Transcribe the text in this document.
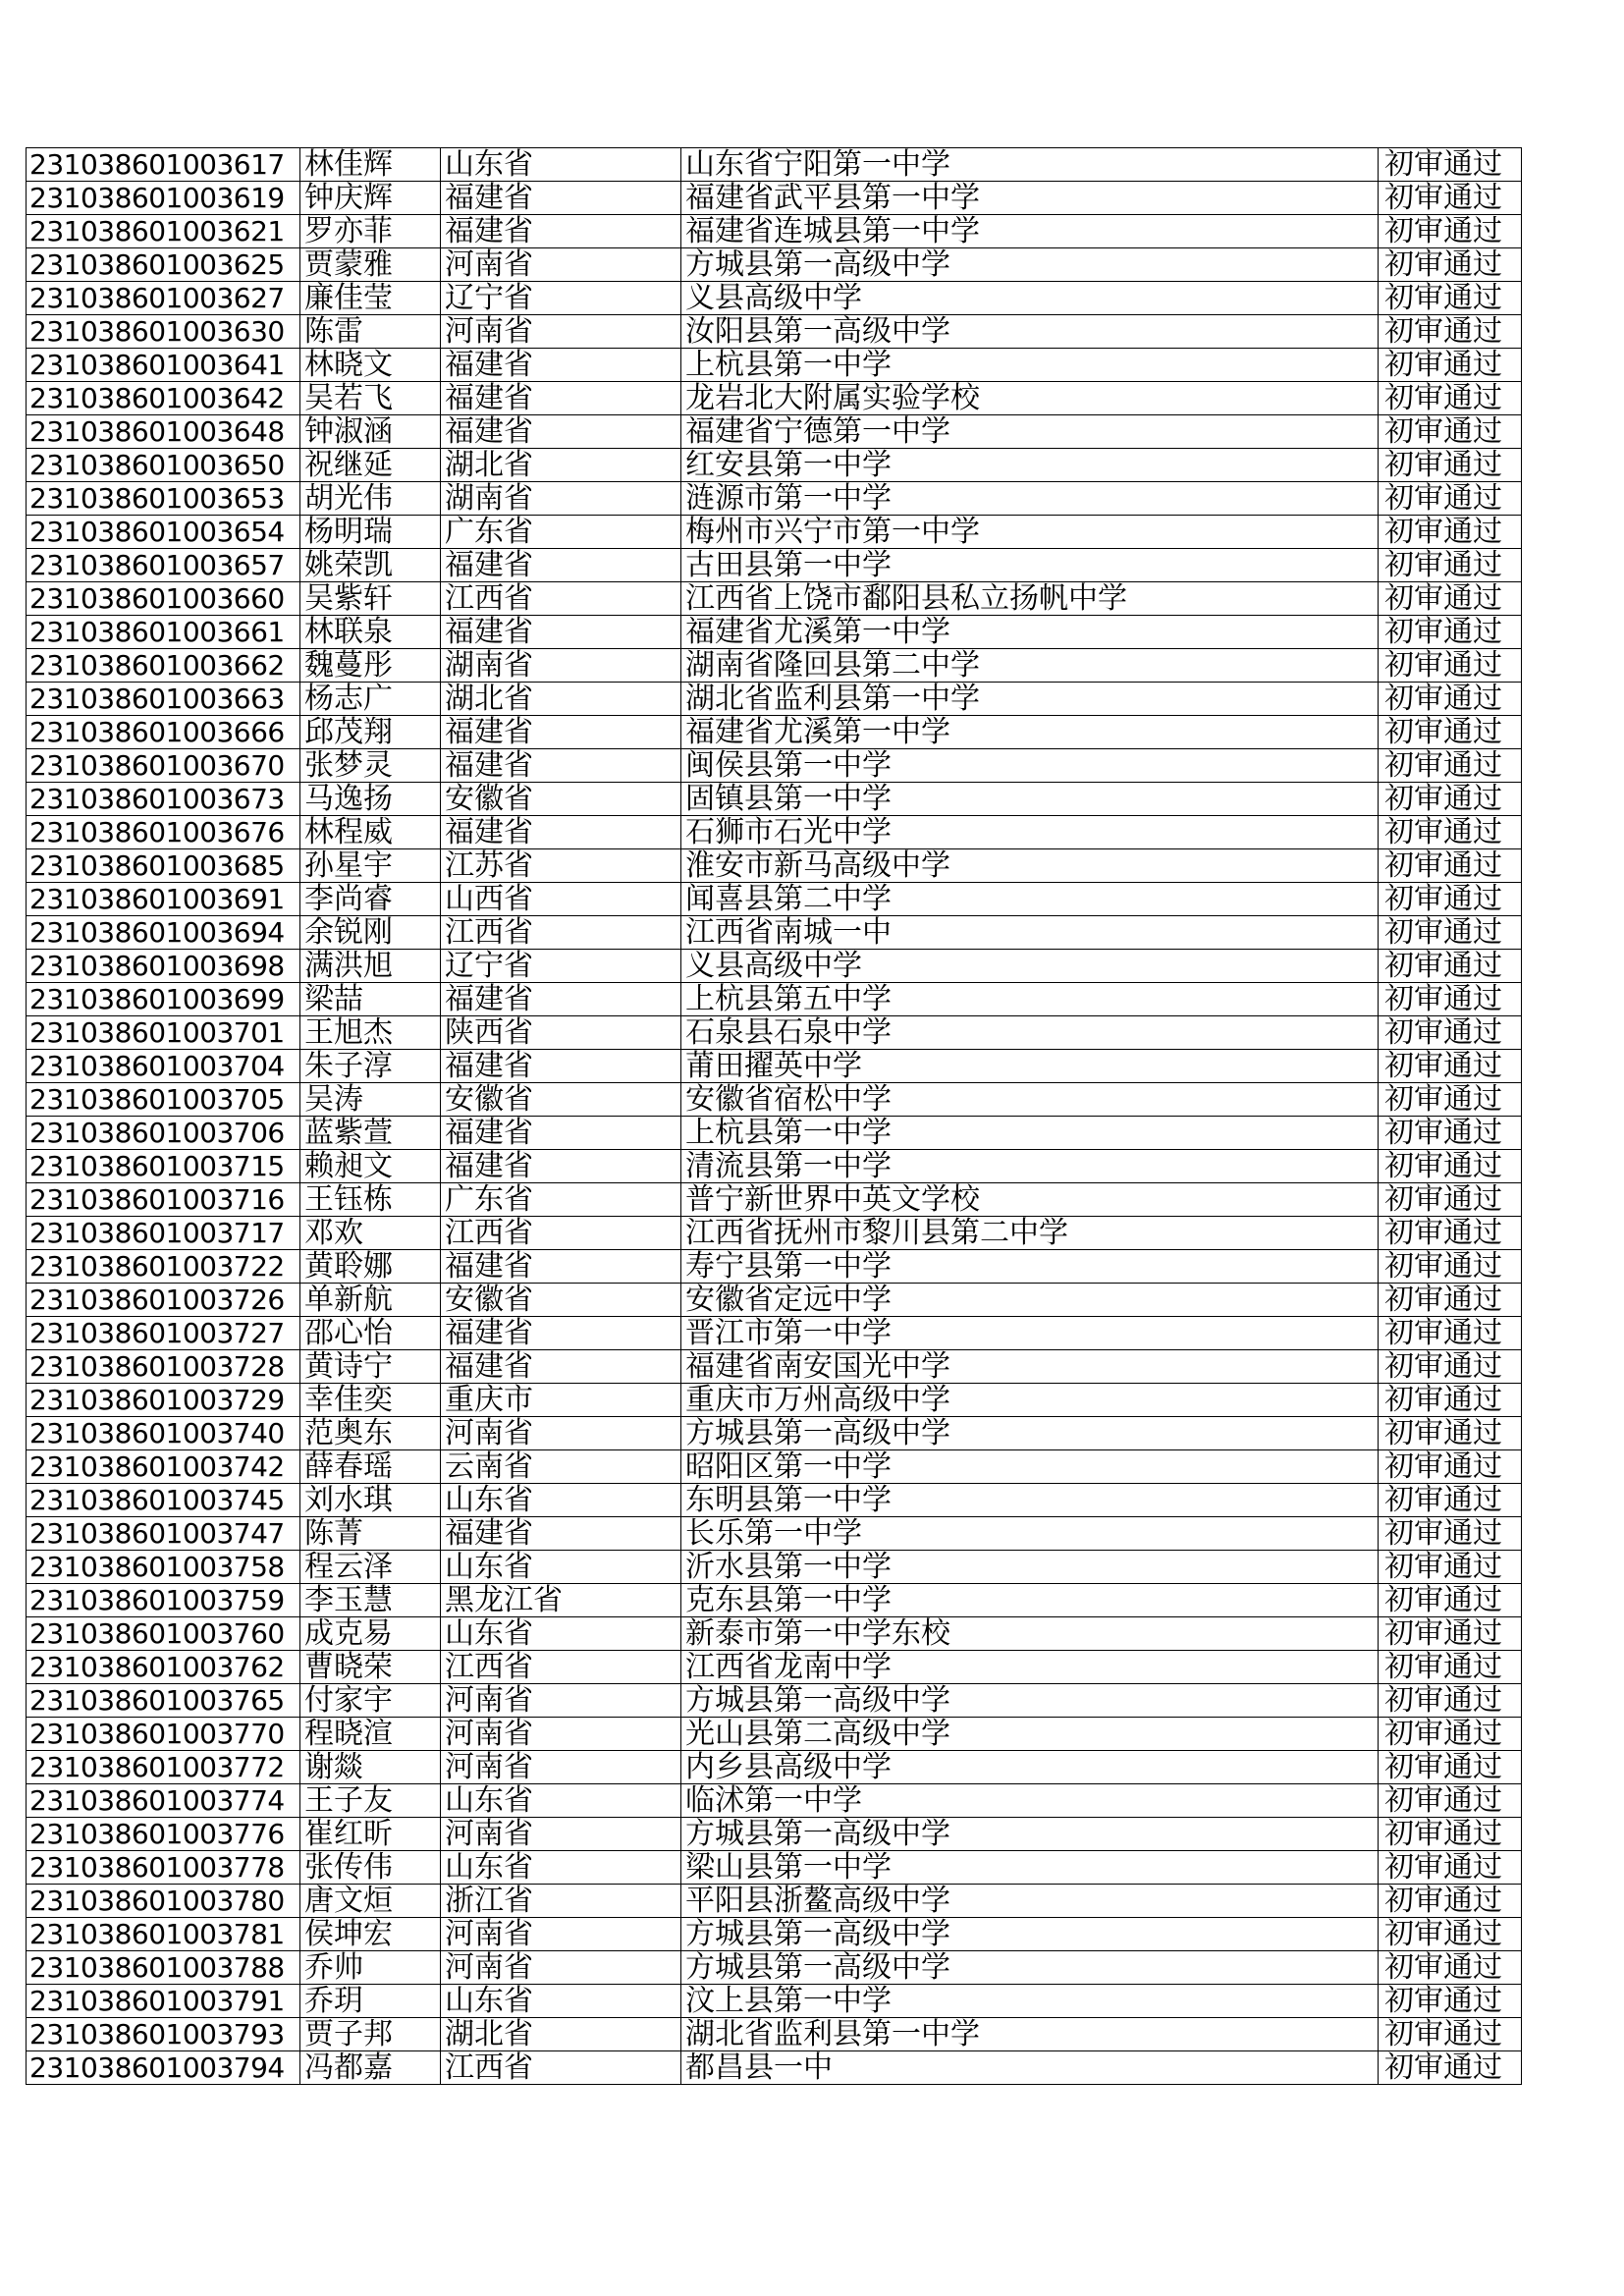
231038601003617	林佳辉	山东省	山东省宁阳第一中学	初审通过
231038601003619	钟庆辉	福建省	福建省武平县第一中学	初审通过
231038601003621	罗亦菲	福建省	福建省连城县第一中学	初审通过
231038601003625	贾蒙雅	河南省	方城县第一高级中学	初审通过
231038601003627	廉佳莹	辽宁省	义县高级中学	初审通过
231038601003630	陈雷	河南省	汝阳县第一高级中学	初审通过
231038601003641	林晓文	福建省	上杭县第一中学	初审通过
231038601003642	吴若飞	福建省	龙岩北大附属实验学校	初审通过
231038601003648	钟淑涵	福建省	福建省宁德第一中学	初审通过
231038601003650	祝继延	湖北省	红安县第一中学	初审通过
231038601003653	胡光伟	湖南省	涟源市第一中学	初审通过
231038601003654	杨明瑞	广东省	梅州市兴宁市第一中学	初审通过
231038601003657	姚荣凯	福建省	古田县第一中学	初审通过
231038601003660	吴紫轩	江西省	江西省上饶市鄱阳县私立扬帆中学	初审通过
231038601003661	林联泉	福建省	福建省尤溪第一中学	初审通过
231038601003662	魏蔓彤	湖南省	湖南省隆回县第二中学	初审通过
231038601003663	杨志广	湖北省	湖北省监利县第一中学	初审通过
231038601003666	邱茂翔	福建省	福建省尤溪第一中学	初审通过
231038601003670	张梦灵	福建省	闽侯县第一中学	初审通过
231038601003673	马逸扬	安徽省	固镇县第一中学	初审通过
231038601003676	林程威	福建省	石狮市石光中学	初审通过
231038601003685	孙星宇	江苏省	淮安市新马高级中学	初审通过
231038601003691	李尚睿	山西省	闻喜县第二中学	初审通过
231038601003694	余锐刚	江西省	江西省南城一中	初审通过
231038601003698	满洪旭	辽宁省	义县高级中学	初审通过
231038601003699	梁喆	福建省	上杭县第五中学	初审通过
231038601003701	王旭杰	陕西省	石泉县石泉中学	初审通过
231038601003704	朱子淳	福建省	莆田擢英中学	初审通过
231038601003705	吴涛	安徽省	安徽省宿松中学	初审通过
231038601003706	蓝紫萱	福建省	上杭县第一中学	初审通过
231038601003715	赖昶文	福建省	清流县第一中学	初审通过
231038601003716	王钰栋	广东省	普宁新世界中英文学校	初审通过
231038601003717	邓欢	江西省	江西省抚州市黎川县第二中学	初审通过
231038601003722	黄聆娜	福建省	寿宁县第一中学	初审通过
231038601003726	单新航	安徽省	安徽省定远中学	初审通过
231038601003727	邵心怡	福建省	晋江市第一中学	初审通过
231038601003728	黄诗宁	福建省	福建省南安国光中学	初审通过
231038601003729	幸佳奕	重庆市	重庆市万州高级中学	初审通过
231038601003740	范奥东	河南省	方城县第一高级中学	初审通过
231038601003742	薛春瑶	云南省	昭阳区第一中学	初审通过
231038601003745	刘水琪	山东省	东明县第一中学	初审通过
231038601003747	陈菁	福建省	长乐第一中学	初审通过
231038601003758	程云泽	山东省	沂水县第一中学	初审通过
231038601003759	李玉慧	黑龙江省	克东县第一中学	初审通过
231038601003760	成克易	山东省	新泰市第一中学东校	初审通过
231038601003762	曹晓荣	江西省	江西省龙南中学	初审通过
231038601003765	付家宇	河南省	方城县第一高级中学	初审通过
231038601003770	程晓渲	河南省	光山县第二高级中学	初审通过
231038601003772	谢燚	河南省	内乡县高级中学	初审通过
231038601003774	王子友	山东省	临沭第一中学	初审通过
231038601003776	崔红昕	河南省	方城县第一高级中学	初审通过
231038601003778	张传伟	山东省	梁山县第一中学	初审通过
231038601003780	唐文烜	浙江省	平阳县浙鳌高级中学	初审通过
231038601003781	侯坤宏	河南省	方城县第一高级中学	初审通过
231038601003788	乔帅	河南省	方城县第一高级中学	初审通过
231038601003791	乔玥	山东省	汶上县第一中学	初审通过
231038601003793	贾子邦	湖北省	湖北省监利县第一中学	初审通过
231038601003794	冯都嘉	江西省	都昌县一中	初审通过
